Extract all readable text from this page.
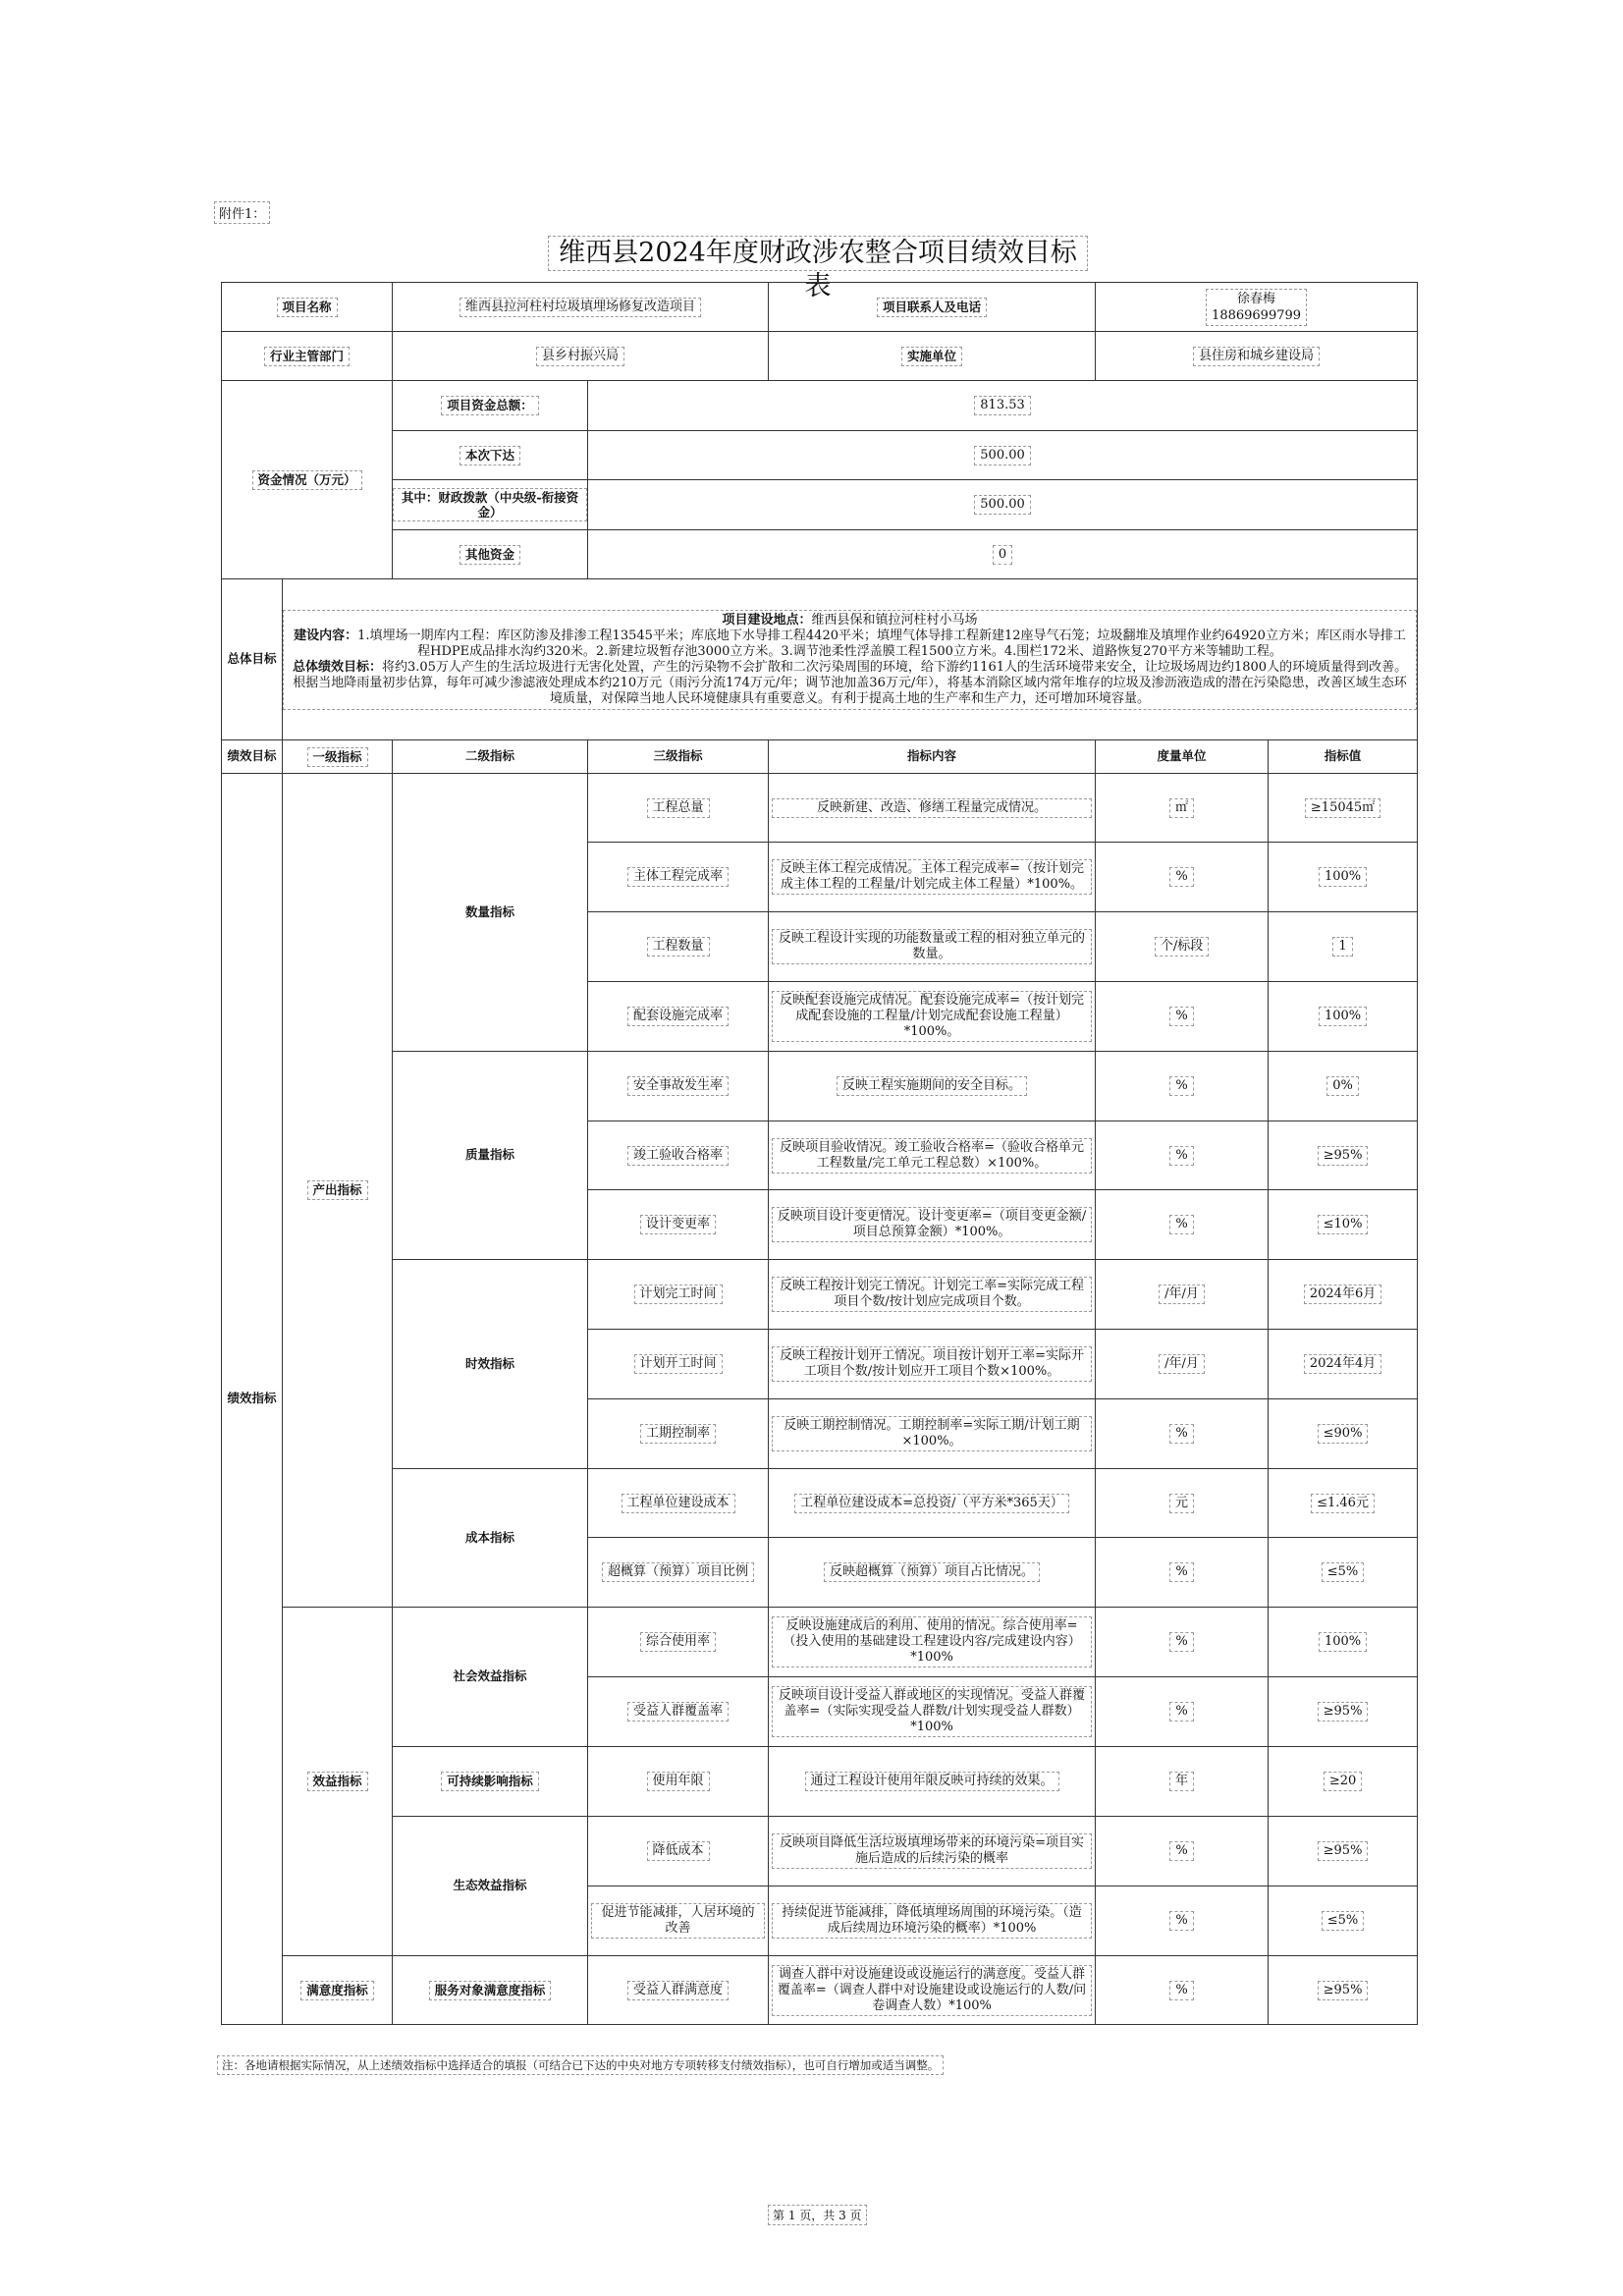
附件1：
维西县2024年度财政涉农整合项目绩效目标表
项目名称		维西县拉河柱村垃圾填埋场修复改造项目		项目联系人及电话	徐春梅
18869699799	
行业主管部门		县乡村振兴局		实施单位	县住房和城乡建设局	
资金情况（万元）		项目资金总额：	813.53			
		本次下达	500.00			
		其中：财政拨款（中央级-衔接资金）	500.00			
		其他资金	0			
总体目标	项目建设地点：维西县保和镇拉河柱村小马场
建设内容：1.填埋场一期库内工程：库区防渗及排渗工程13545平米；库底地下水导排工程4420平米；填埋气体导排工程新建12座导气石笼；垃圾翻堆及填埋作业约64920立方米；库区雨水导排工程HDPE成品排水沟约320米。2.新建垃圾暂存池3000立方米。3.调节池柔性浮盖膜工程1500立方米。4.围栏172米、道路恢复270平方米等辅助工程。
总体绩效目标：将约3.05万人产生的生活垃圾进行无害化处置，产生的污染物不会扩散和二次污染周围的环境，给下游约1161人的生活环境带来安全，让垃圾场周边约1800人的环境质量得到改善。根据当地降雨量初步估算，每年可减少渗滤液处理成本约210万元（雨污分流174万元/年；调节池加盖36万元/年），将基本消除区域内常年堆存的垃圾及渗沥液造成的潜在污染隐患，改善区域生态环境质量，对保障当地人民环境健康具有重要意义。有利于提高土地的生产率和生产力，还可增加环境容量。					

绩效目标	一级指标	二级指标	三级指标	指标内容	度量单位	指标值
绩效指标	产出指标	数量指标	工程总量	反映新建、改造、修缮工程量完成情况。	㎡	≥15045㎡
			主体工程完成率	反映主体工程完成情况。主体工程完成率=（按计划完成主体工程的工程量/计划完成主体工程量）*100%。	%	100%
			工程数量	反映工程设计实现的功能数量或工程的相对独立单元的数量。	个/标段	1
			配套设施完成率	反映配套设施完成情况。配套设施完成率=（按计划完成配套设施的工程量/计划完成配套设施工程量）*100%。	%	100%
		质量指标	安全事故发生率	反映工程实施期间的安全目标。	%	0%
			竣工验收合格率	反映项目验收情况。竣工验收合格率=（验收合格单元工程数量/完工单元工程总数）×100%。	%	≥95%
			设计变更率	反映项目设计变更情况。设计变更率=（项目变更金额/项目总预算金额）*100%。	%	≤10%
		时效指标	计划完工时间	反映工程按计划完工情况。计划完工率=实际完成工程项目个数/按计划应完成项目个数。	/年/月	2024年6月
			计划开工时间	反映工程按计划开工情况。项目按计划开工率=实际开工项目个数/按计划应开工项目个数×100%。	/年/月	2024年4月
			工期控制率	反映工期控制情况。工期控制率=实际工期/计划工期×100%。	%	≤90%
		成本指标	工程单位建设成本	工程单位建设成本=总投资/（平方米*365天）	元	≤1.46元
			超概算（预算）项目比例	反映超概算（预算）项目占比情况。	%	≤5%
	效益指标	社会效益指标	综合使用率	反映设施建成后的利用、使用的情况。综合使用率=（投入使用的基础建设工程建设内容/完成建设内容）*100%	%	100%
			受益人群覆盖率	反映项目设计受益人群或地区的实现情况。受益人群覆盖率=（实际实现受益人群数/计划实现受益人群数）*100%	%	≥95%
		可持续影响指标	使用年限	通过工程设计使用年限反映可持续的效果。	年	≥20
		生态效益指标	降低成本	反映项目降低生活垃圾填埋场带来的环境污染=项目实施后造成的后续污染的概率	%	≥95%

			促进节能减排，人居环境的改善	持续促进节能减排，降低填埋场周围的环境污染。（造成后续周边环境污染的概率）*100%	%	≤5%
	满意度指标	服务对象满意度指标	受益人群满意度	调查人群中对设施建设或设施运行的满意度。受益人群覆盖率=（调查人群中对设施建设或设施运行的人数/问卷调查人数）*100%	%	≥95%
注：各地请根据实际情况，从上述绩效指标中选择适合的填报（可结合已下达的中央对地方专项转移支付绩效指标），也可自行增加或适当调整。
第 1 页，共 3 页
